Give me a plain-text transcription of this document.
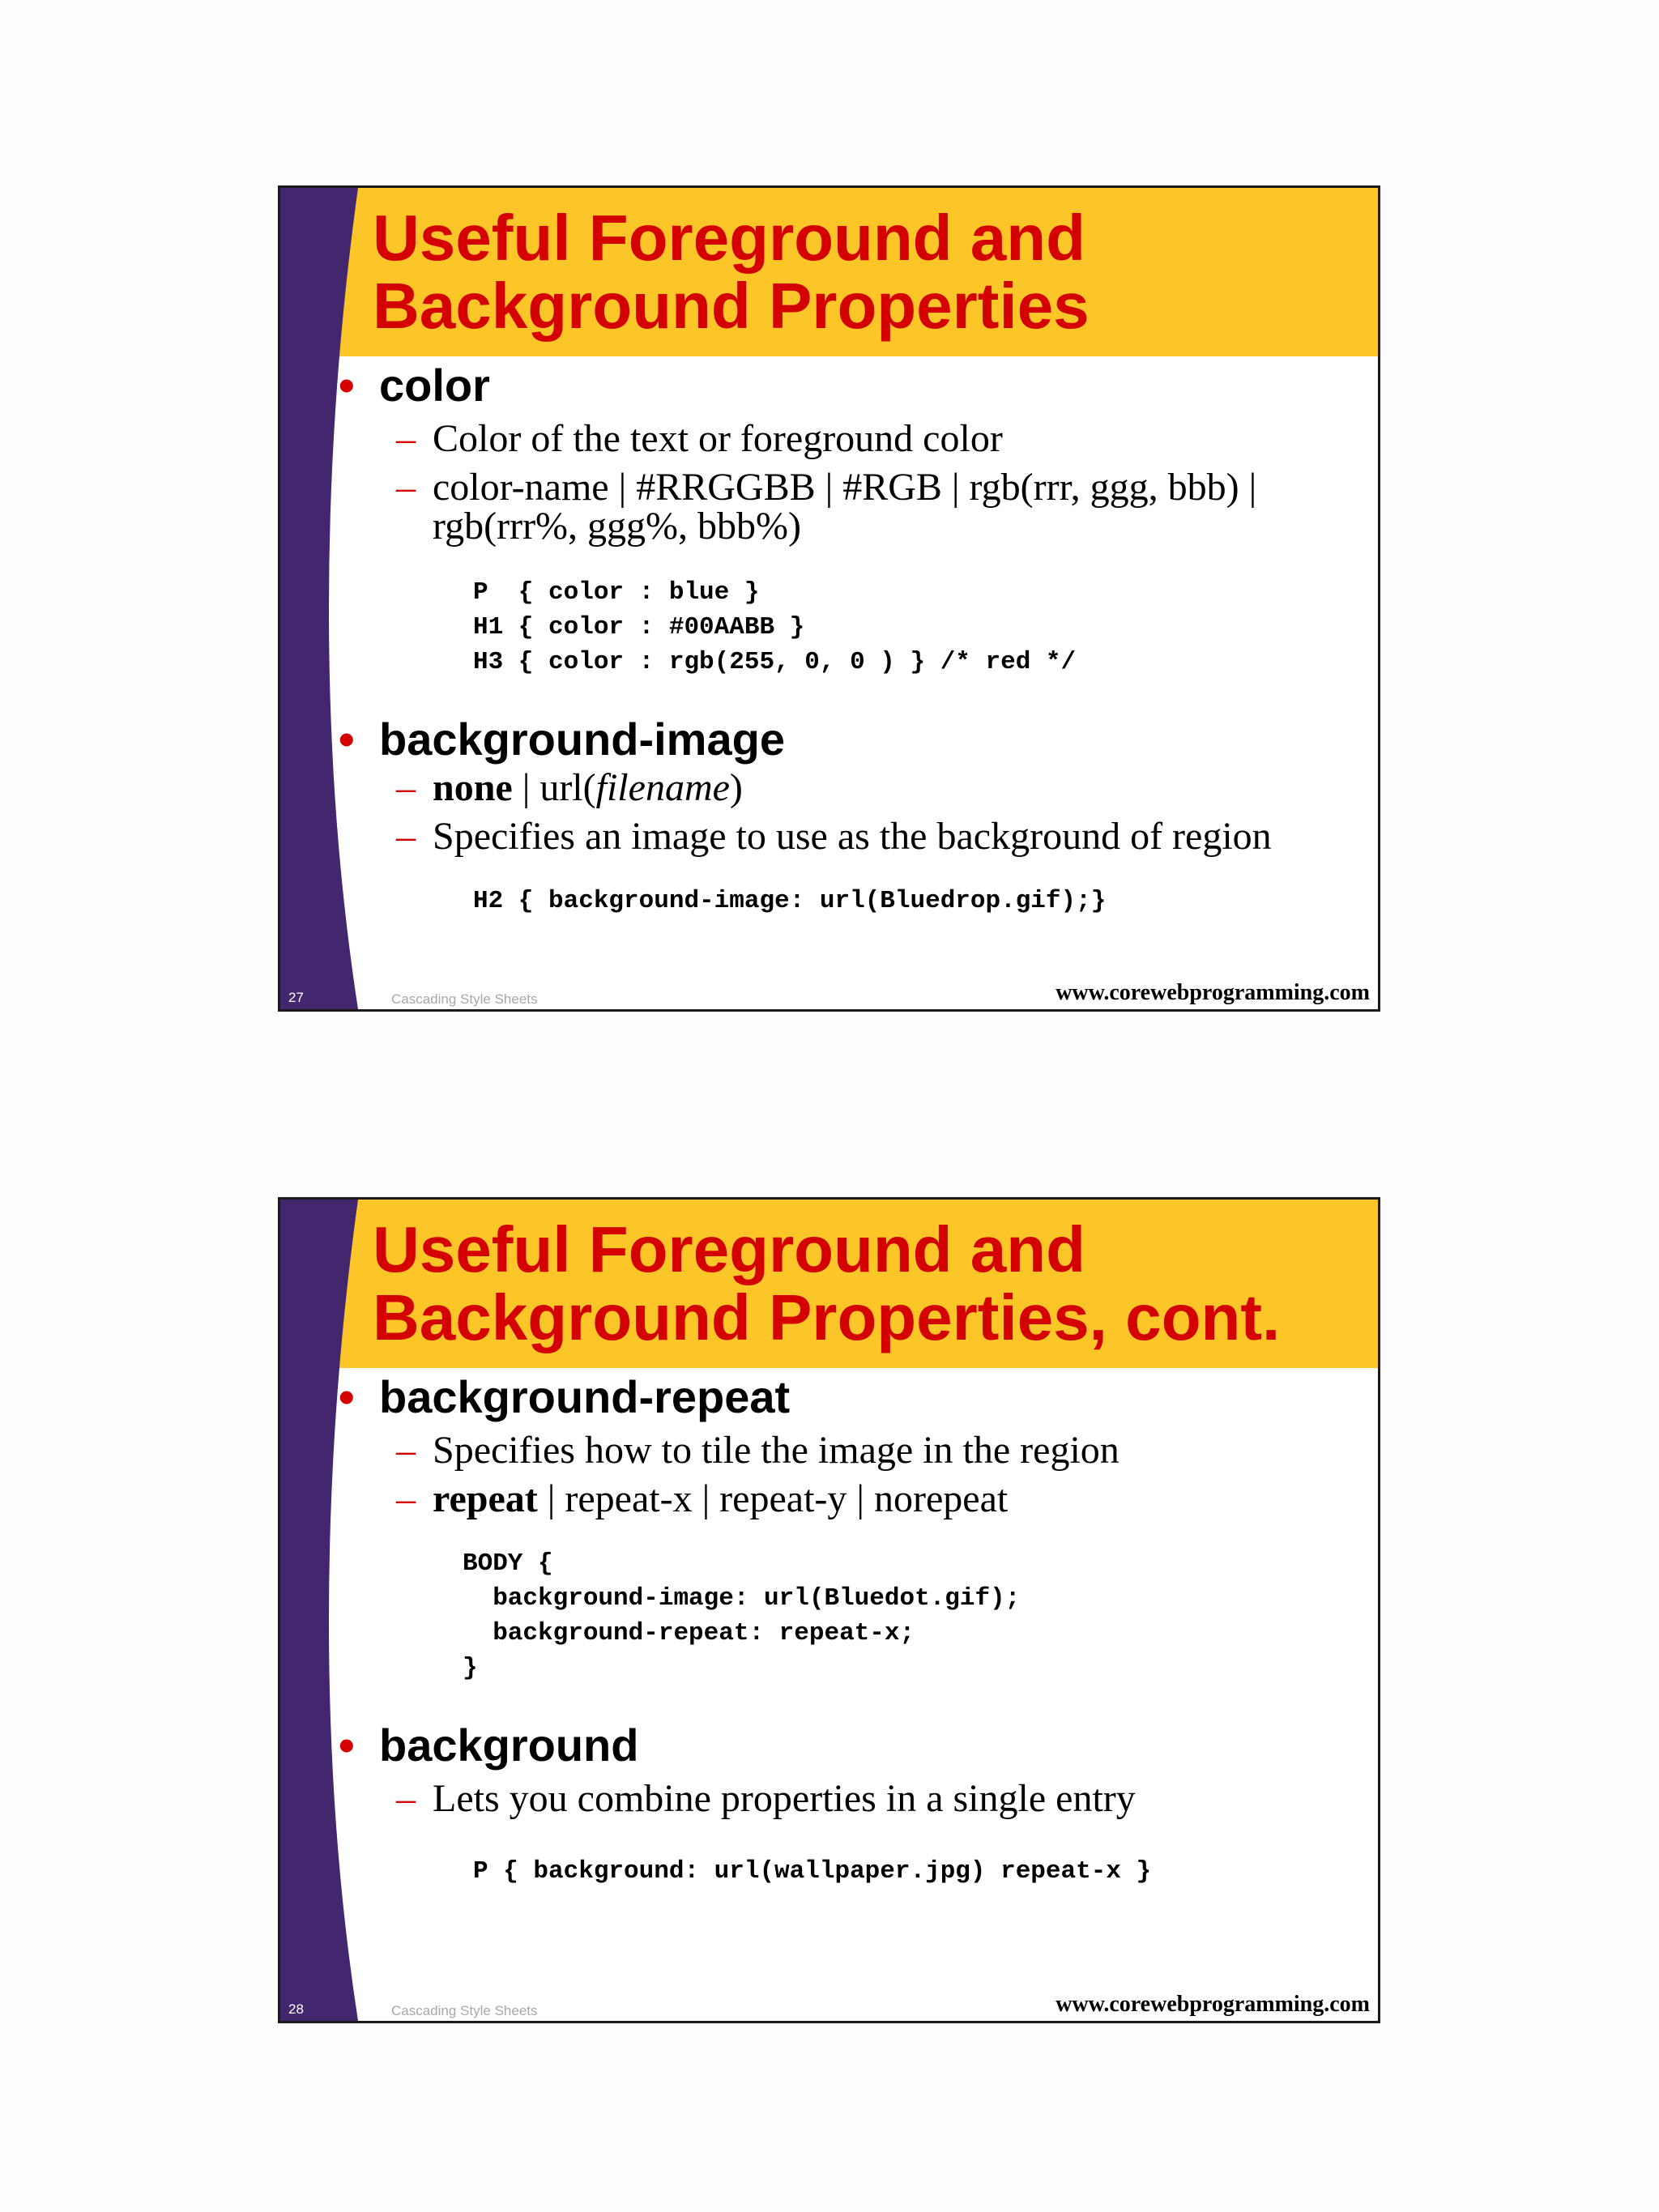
Useful Foreground and
Background Properties
• color
– Color of the text or foreground color
– color-name | #RRGGBB | #RGB | rgb(rrr, ggg, bbb) | rgb(rrr%, ggg%, bbb%)
P  { color : blue }
H1 { color : #00AABB }
H3 { color : rgb(255, 0, 0 ) } /* red */
• background-image
– none | url(filename)
– Specifies an image to use as the background of region
H2 { background-image: url(Bluedrop.gif);}
27	Cascading Style Sheets	www.corewebprogramming.com
Useful Foreground and
Background Properties, cont.
• background-repeat
– Specifies how to tile the image in the region
– repeat | repeat-x | repeat-y | norepeat
BODY {
background-image: url(Bluedot.gif);
background-repeat: repeat-x;
}
• background
– Lets you combine properties in a single entry
P { background: url(wallpaper.jpg) repeat-x }
28	Cascading Style Sheets	www.corewebprogramming.com
